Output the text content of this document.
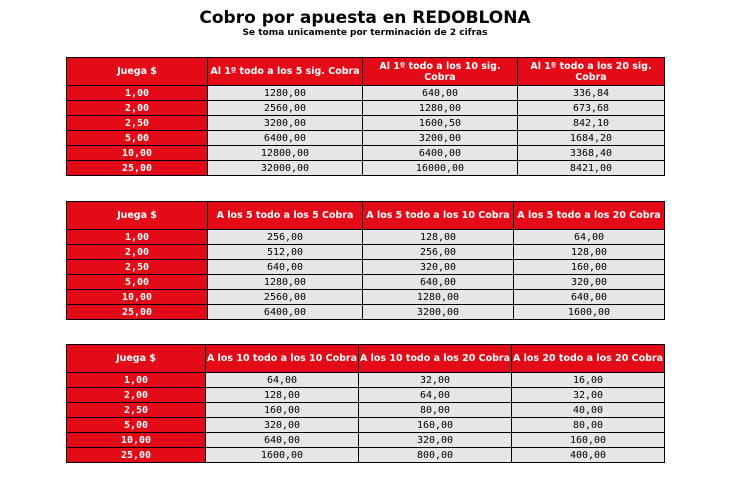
Cobro por apuesta en REDOBLONA
Se toma unicamente por terminación de 2 cifras
Juega $	Al 1º todo a los 5 sig. Cobra	Al 1º todo a los 10 sig. Cobra	Al 1º todo a los 20 sig. Cobra
1,00	1280,00	640,00	336,84
2,00	2560,00	1280,00	673,68
2,50	3200,00	1600,50	842,10
5,00	6400,00	3200,00	1684,20
10,00	12800,00	6400,00	3368,40
25,00	32000,00	16000,00	8421,00
Juega $	A los 5 todo a los 5 Cobra	A los 5 todo a los 10 Cobra	A los 5 todo a los 20 Cobra
1,00	256,00	128,00	64,00
2,00	512,00	256,00	128,00
2,50	640,00	320,00	160,00
5,00	1280,00	640,00	320,00
10,00	2560,00	1280,00	640,00
25,00	6400,00	3200,00	1600,00
Juega $	A los 10 todo a los 10 Cobra	A los 10 todo a los 20 Cobra	A los 20 todo a los 20 Cobra
1,00	64,00	32,00	16,00
2,00	128,00	64,00	32,00
2,50	160,00	80,00	40,00
5,00	320,00	160,00	80,00
10,00	640,00	320,00	160,00
25,00	1600,00	800,00	400,00
